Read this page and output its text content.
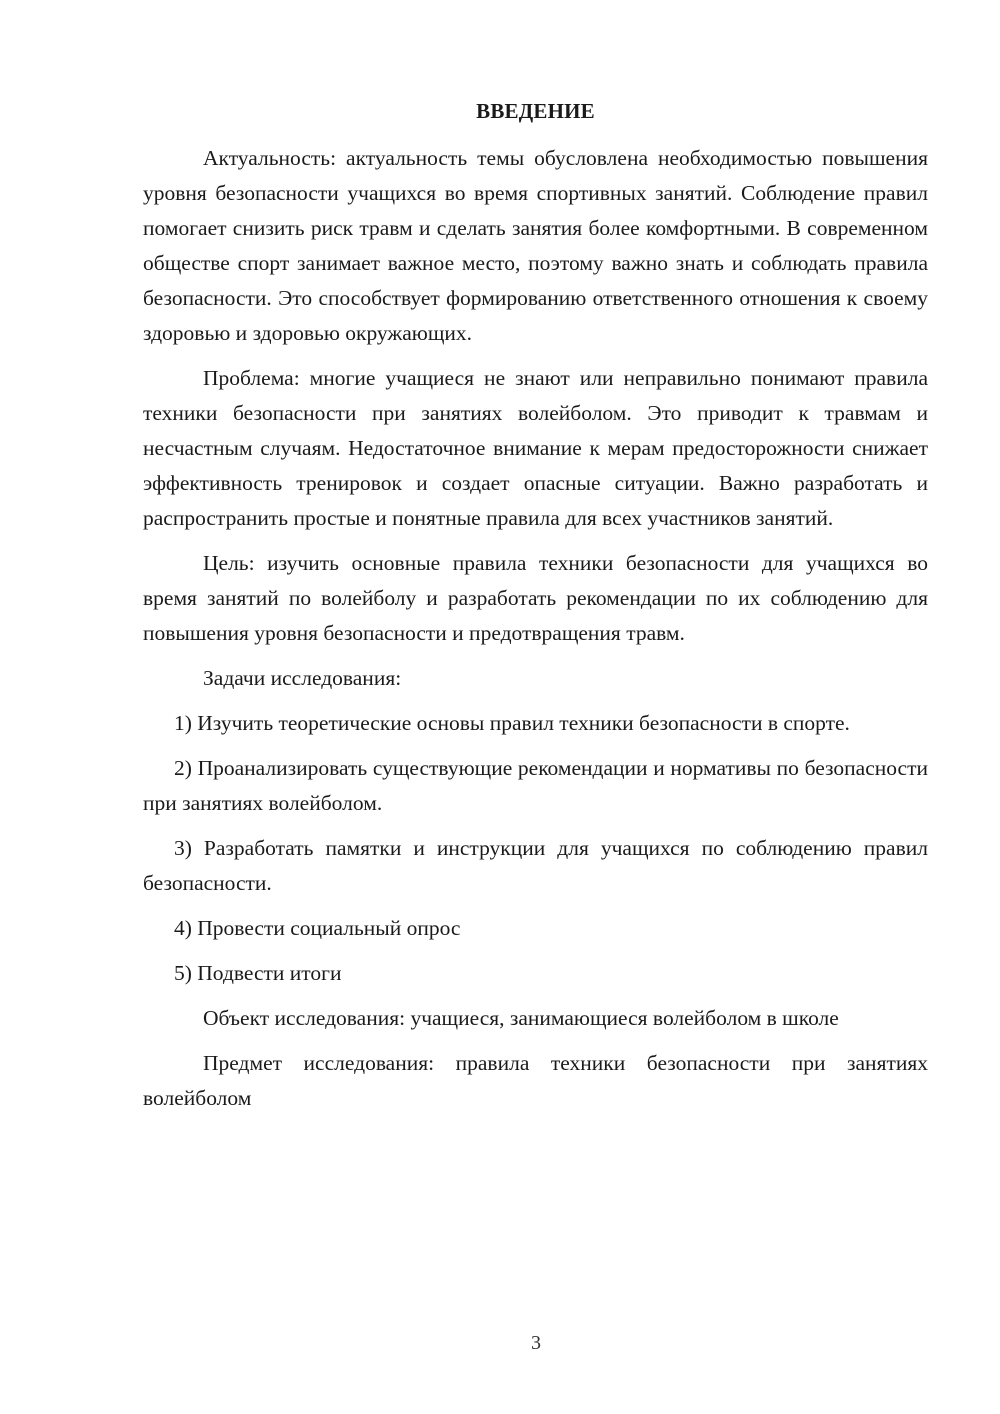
ВВЕДЕНИЕ

Актуальность: актуальность темы обусловлена необходимостью повышения уровня безопасности учащихся во время спортивных занятий. Соблюдение правил помогает снизить риск травм и сделать занятия более комфортными. В современном обществе спорт занимает важное место, поэтому важно знать и соблюдать правила безопасности. Это способствует формированию ответственного отношения к своему здоровью и здоровью окружающих.

Проблема: многие учащиеся не знают или неправильно понимают правила техники безопасности при занятиях волейболом. Это приводит к травмам и несчастным случаям. Недостаточное внимание к мерам предосторожности снижает эффективность тренировок и создает опасные ситуации. Важно разработать и распространить простые и понятные правила для всех участников занятий.

Цель: изучить основные правила техники безопасности для учащихся во время занятий по волейболу и разработать рекомендации по их соблюдению для повышения уровня безопасности и предотвращения травм.

Задачи исследования:

1) Изучить теоретические основы правил техники безопасности в спорте.

2) Проанализировать существующие рекомендации и нормативы по безопасности при занятиях волейболом.

3) Разработать памятки и инструкции для учащихся по соблюдению правил безопасности.

4) Провести социальный опрос

5) Подвести итоги

Объект исследования: учащиеся, занимающиеся волейболом в школе

Предмет исследования: правила техники безопасности при занятиях волейболом

3
